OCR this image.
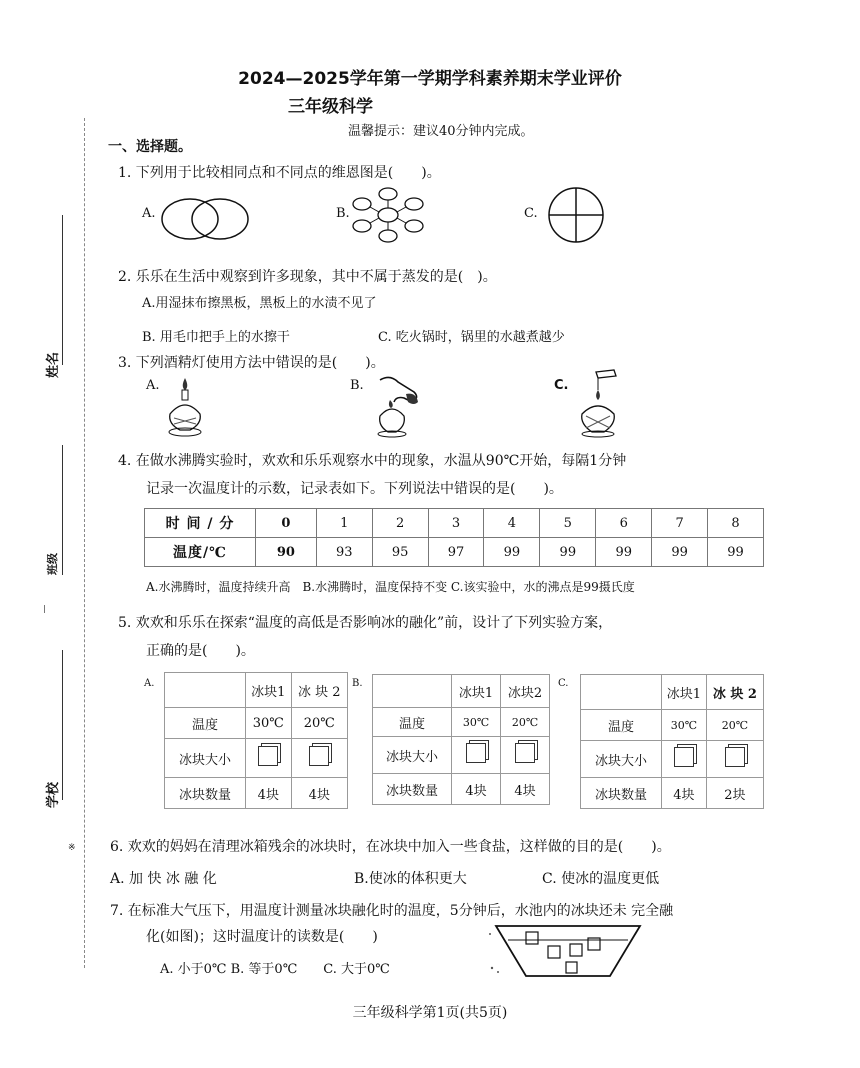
2024—2025学年第一学期学科素养期末学业评价
三年级科学
温馨提示：建议40分钟内完成。
姓名
班级
学校
※
一、选择题。
1. 下列用于比较相同点和不同点的维恩图是(　　)。
A.	B.	C.
2. 乐乐在生活中观察到许多现象，其中不属于蒸发的是(　)。
A.用湿抹布擦黑板，黑板上的水渍不见了
B. 用毛巾把手上的水擦干	C. 吃火锅时，锅里的水越煮越少
3. 下列酒精灯使用方法中错误的是(　　)。
A.	B.	C.
4. 在做水沸腾实验时，欢欢和乐乐观察水中的现象，水温从90℃开始，每隔1分钟
记录一次温度计的示数，记录表如下。下列说法中错误的是(　　)。
时 间 / 分	0	1	2	3	4	5	6	7	8
温度/℃	90	93	95	97	99	99	99	99	99
A.水沸腾时，温度持续升高　B.水沸腾时，温度保持不变 C.该实验中，水的沸点是99摄氏度
5. 欢欢和乐乐在探索“温度的高低是否影响冰的融化”前，设计了下列实验方案，
正确的是(　　)。
A.
	冰块1	冰 块 2
温度	30℃	20℃
冰块大小		
冰块数量	4块	4块
B.
	冰块1	冰块2
温度	30℃	20℃
冰块大小		
冰块数量	4块	4块
C.
	冰块1	冰 块 2
温度	30℃	20℃
冰块大小		
冰块数量	4块	2块
6. 欢欢的妈妈在清理冰箱残余的冰块时，在冰块中加入一些食盐，这样做的目的是(　　)。
A. 加 快 冰 融 化	B.使冰的体积更大	C. 使冰的温度更低
7. 在标准大气压下，用温度计测量冰块融化时的温度，5分钟后，水池内的冰块还未 完全融
化(如图)；这时温度计的读数是(　　)
A. 小于0℃ B. 等于0℃　　C. 大于0℃
三年级科学第1页(共5页)
